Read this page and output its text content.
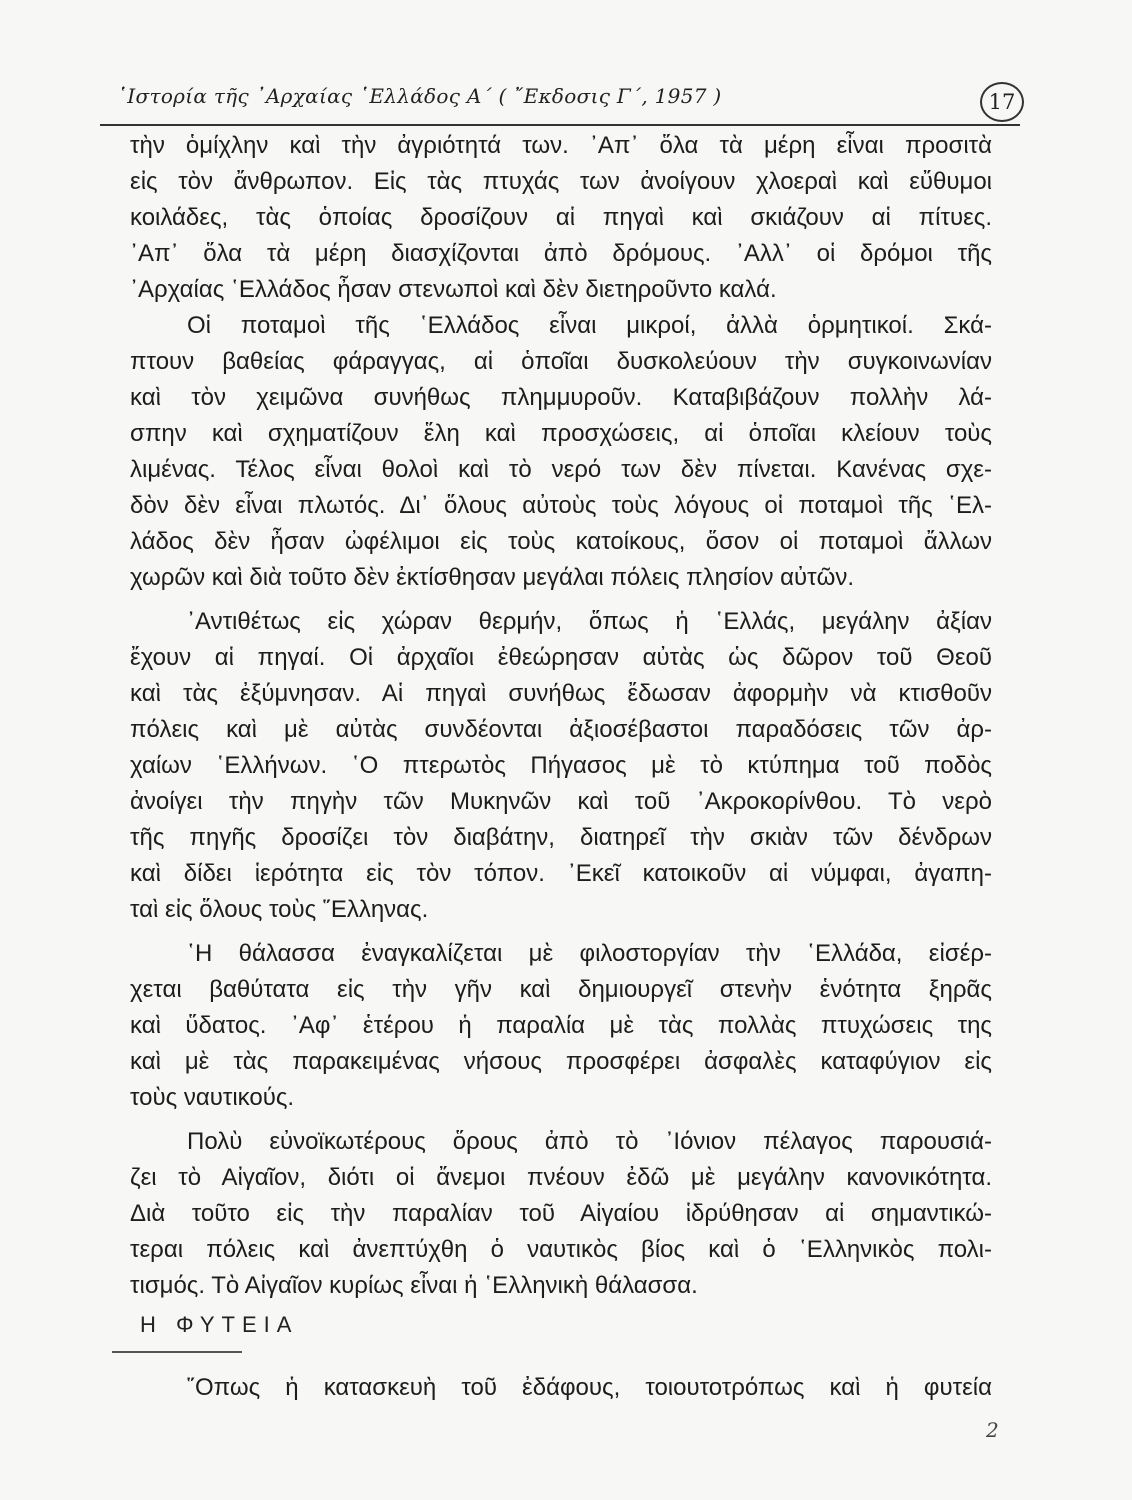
῾Ιστορία τῆς ᾿Αρχαίας ῾Ελλάδος Α΄ ( ῎Εκδοσις Γ΄, 1957 )	17
τὴν ὁμίχλην καὶ τὴν ἀγριότητά των. ᾿Απ᾿ ὅλα τὰ μέρη εἶναι προσιτὰ
εἰς τὸν ἄνθρωπον. Εἰς τὰς πτυχάς των ἀνοίγουν χλοεραὶ καὶ εὔθυμοι
κοιλάδες, τὰς ὁποίας δροσίζουν αἱ πηγαὶ καὶ σκιάζουν αἱ πίτυες.
᾿Απ᾿ ὅλα τὰ μέρη διασχίζονται ἀπὸ δρόμους. ᾿Αλλ᾿ οἱ δρόμοι τῆς
᾿Αρχαίας ῾Ελλάδος ἦσαν στενωποὶ καὶ δὲν διετηροῦντο καλά.
Οἱ ποταμοὶ τῆς ῾Ελλάδος εἶναι μικροί, ἀλλὰ ὁρμητικοί. Σκά-
πτουν βαθείας φάραγγας, αἱ ὁποῖαι δυσκολεύουν τὴν συγκοινωνίαν
καὶ τὸν χειμῶνα συνήθως πλημμυροῦν. Καταβιβάζουν πολλὴν λά-
σπην καὶ σχηματίζουν ἕλη καὶ προσχώσεις, αἱ ὁποῖαι κλείουν τοὺς
λιμένας. Τέλος εἶναι θολοὶ καὶ τὸ νερό των δὲν πίνεται. Κανένας σχε-
δὸν δὲν εἶναι πλωτός. Δι᾿ ὅλους αὐτοὺς τοὺς λόγους οἱ ποταμοὶ τῆς ῾Ελ-
λάδος δὲν ἦσαν ὠφέλιμοι εἰς τοὺς κατοίκους, ὅσον οἱ ποταμοὶ ἄλλων
χωρῶν καὶ διὰ τοῦτο δὲν ἐκτίσθησαν μεγάλαι πόλεις πλησίον αὐτῶν.
᾿Αντιθέτως εἰς χώραν θερμήν, ὅπως ἡ ῾Ελλάς, μεγάλην ἀξίαν
ἔχουν αἱ πηγαί. Οἱ ἀρχαῖοι ἐθεώρησαν αὐτὰς ὡς δῶρον τοῦ Θεοῦ
καὶ τὰς ἐξύμνησαν. Αἱ πηγαὶ συνήθως ἔδωσαν ἀφορμὴν νὰ κτισθοῦν
πόλεις καὶ μὲ αὐτὰς συνδέονται ἀξιοσέβαστοι παραδόσεις τῶν ἀρ-
χαίων ῾Ελλήνων. ῾Ο πτερωτὸς Πήγασος μὲ τὸ κτύπημα τοῦ ποδὸς
ἀνοίγει τὴν πηγὴν τῶν Μυκηνῶν καὶ τοῦ ᾿Ακροκορίνθου. Τὸ νερὸ
τῆς πηγῆς δροσίζει τὸν διαβάτην, διατηρεῖ τὴν σκιὰν τῶν δένδρων
καὶ δίδει ἱερότητα εἰς τὸν τόπον. ᾿Εκεῖ κατοικοῦν αἱ νύμφαι, ἀγαπη-
ταὶ εἰς ὅλους τοὺς ῞Ελληνας.
῾Η θάλασσα ἐναγκαλίζεται μὲ φιλοστοργίαν τὴν ῾Ελλάδα, εἰσέρ-
χεται βαθύτατα εἰς τὴν γῆν καὶ δημιουργεῖ στενὴν ἑνότητα ξηρᾶς
καὶ ὕδατος. ᾿Αφ᾿ ἑτέρου ἡ παραλία μὲ τὰς πολλὰς πτυχώσεις της
καὶ μὲ τὰς παρακειμένας νήσους προσφέρει ἀσφαλὲς καταφύγιον εἰς
τοὺς ναυτικούς.
Πολὺ εὐνοϊκωτέρους ὅρους ἀπὸ τὸ ᾿Ιόνιον πέλαγος παρουσιά-
ζει τὸ Αἰγαῖον, διότι οἱ ἄνεμοι πνέουν ἐδῶ μὲ μεγάλην κανονικότητα.
Διὰ τοῦτο εἰς τὴν παραλίαν τοῦ Αἰγαίου ἱδρύθησαν αἱ σημαντικώ-
τεραι πόλεις καὶ ἀνεπτύχθη ὁ ναυτικὸς βίος καὶ ὁ ῾Ελληνικὸς πολι-
τισμός. Τὸ Αἰγαῖον κυρίως εἶναι ἡ ῾Ελληνικὴ θάλασσα.
Η ΦΥΤΕΙΑ
῞Οπως ἡ κατασκευὴ τοῦ ἐδάφους, τοιουτοτρόπως καὶ ἡ φυτεία
2
